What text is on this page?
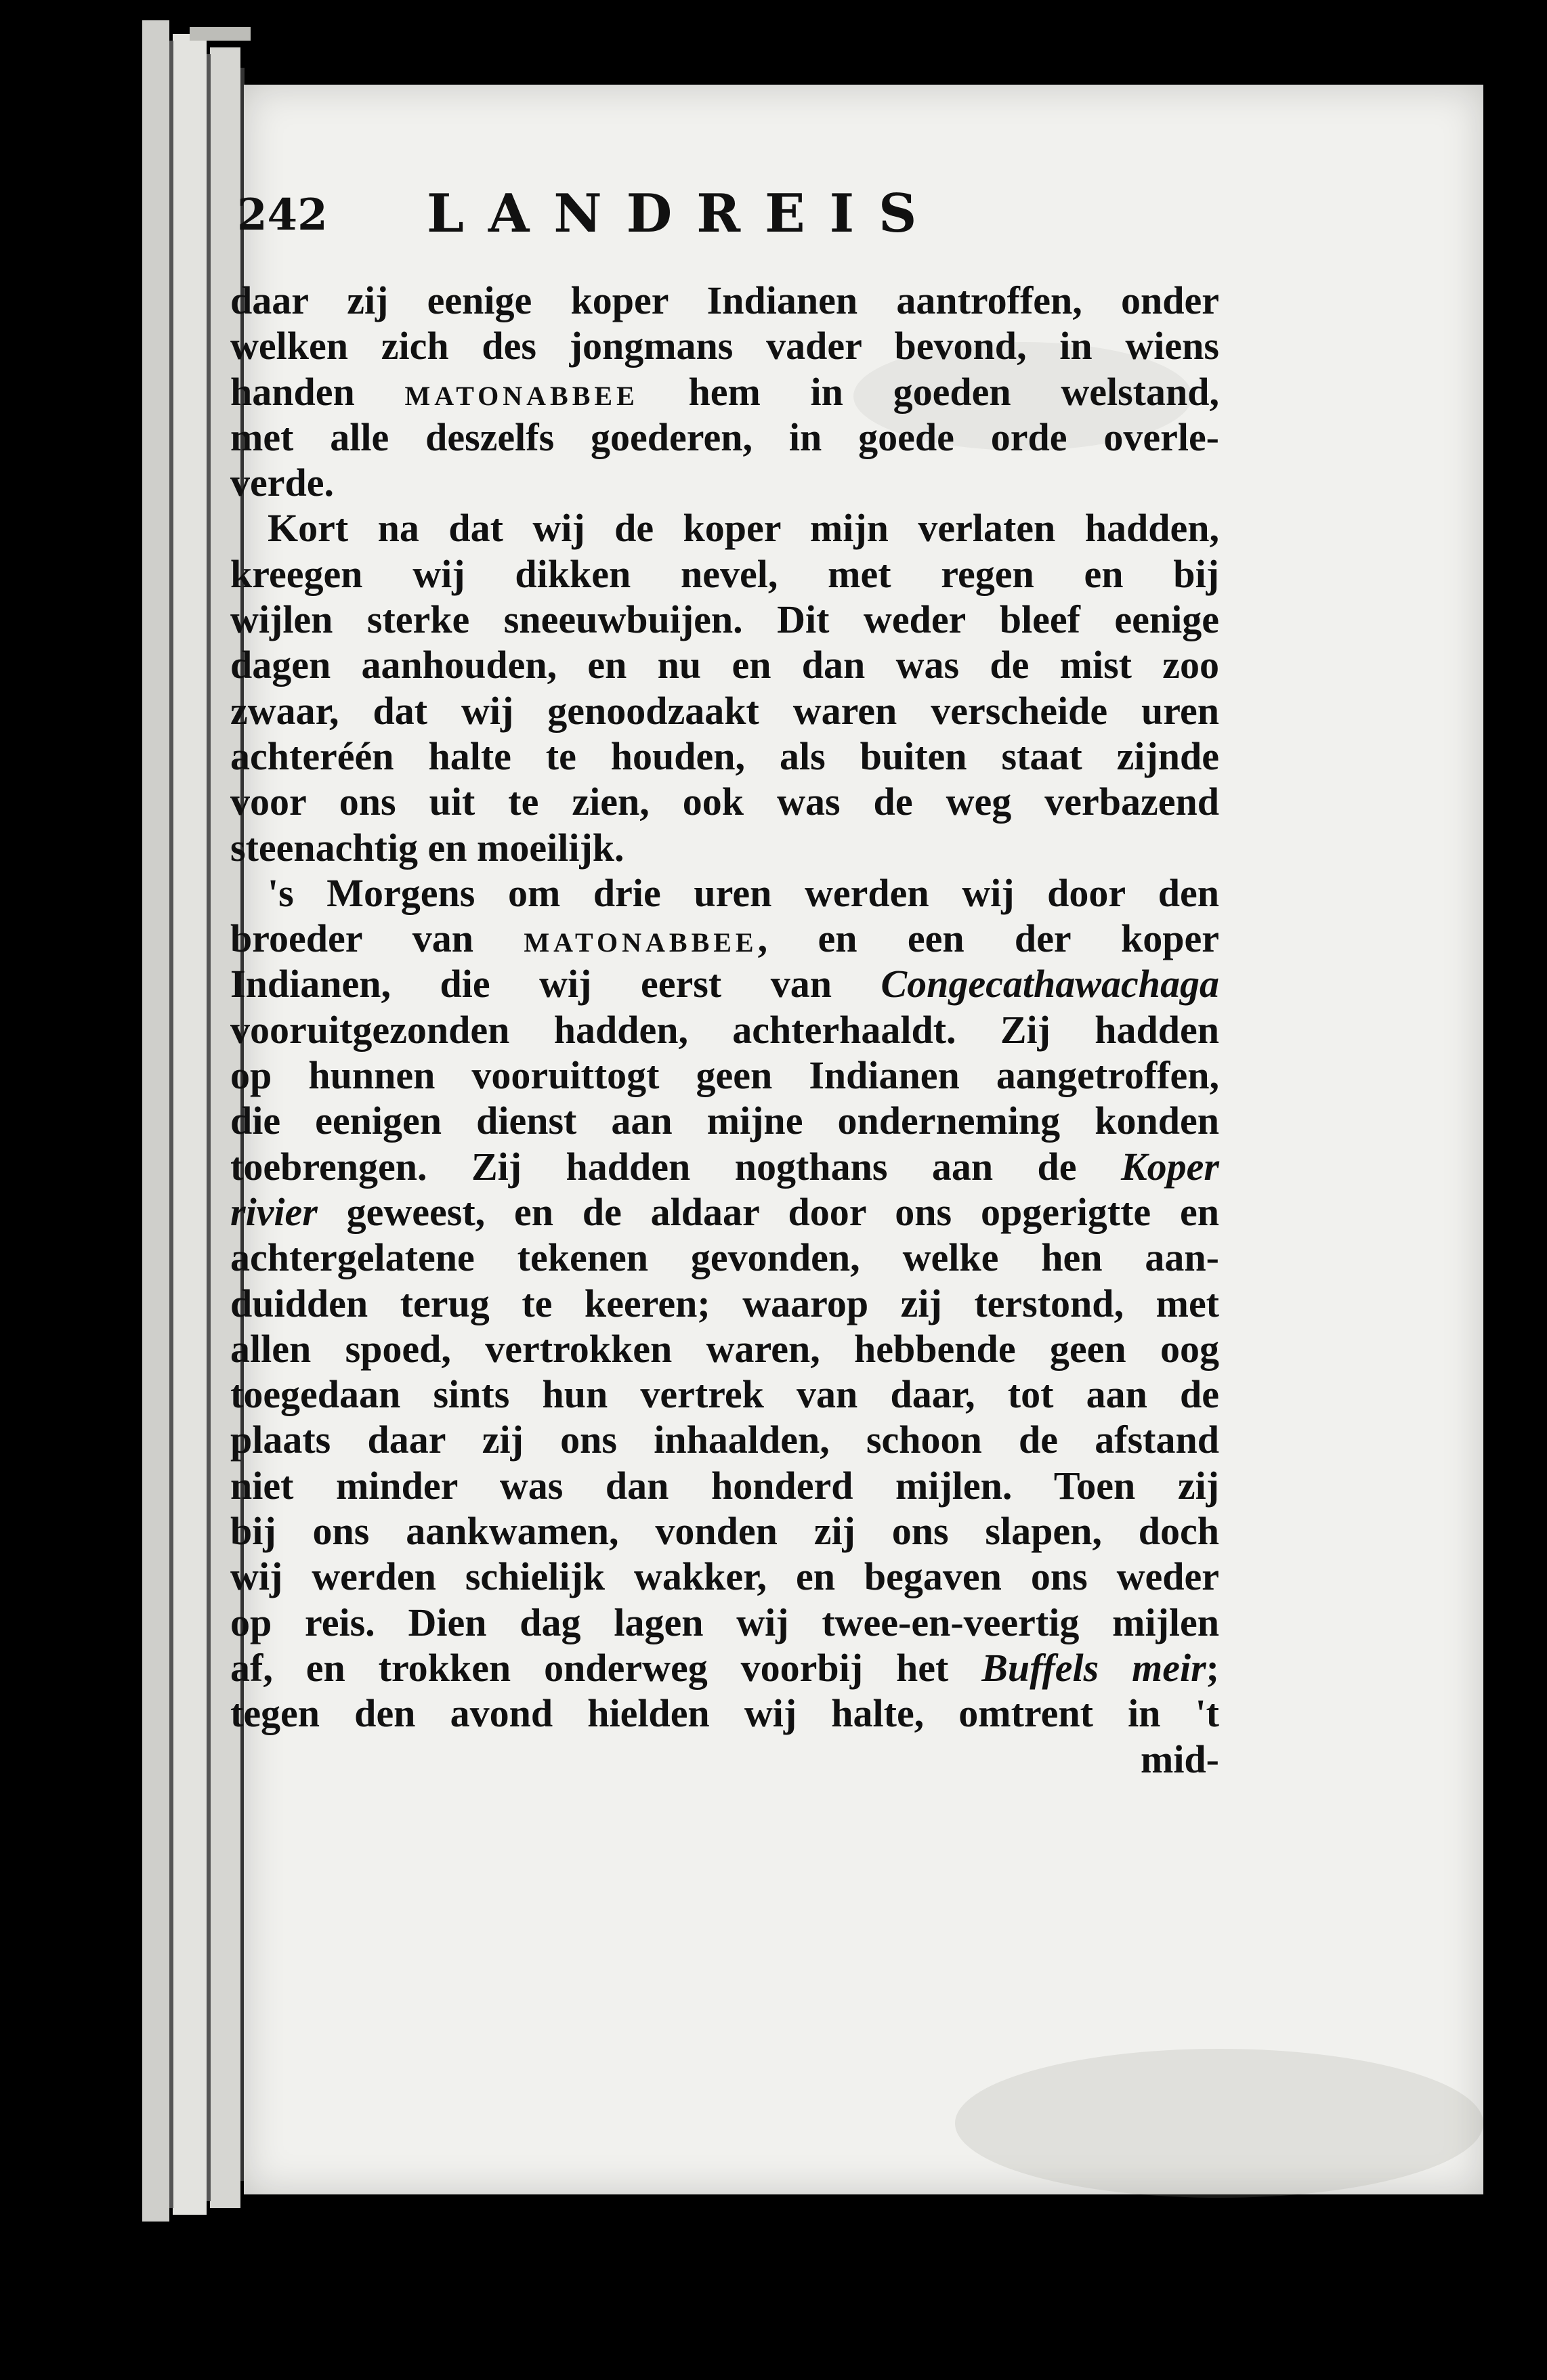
242 LANDREIS
daar zij eenige koper Indianen aantroffen, onder
welken zich des jongmans vader bevond, in wiens
handen MATONABBEE hem in goeden welstand,
met alle deszelfs goederen, in goede orde overle-
verde.
Kort na dat wij de koper mijn verlaten hadden,
kreegen wij dikken nevel, met regen en bij
wijlen sterke sneeuwbuijen. Dit weder bleef eenige
dagen aanhouden, en nu en dan was de mist zoo
zwaar, dat wij genoodzaakt waren verscheide uren
achteréén halte te houden, als buiten staat zijnde
voor ons uit te zien, ook was de weg verbazend
steenachtig en moeilijk.
's Morgens om drie uren werden wij door den
broeder van MATONABBEE, en een der koper
Indianen, die wij eerst van Congecathawachaga
vooruitgezonden hadden, achterhaaldt. Zij hadden
op hunnen vooruittogt geen Indianen aangetroffen,
die eenigen dienst aan mijne onderneming konden
toebrengen. Zij hadden nogthans aan de Koper
rivier geweest, en de aldaar door ons opgerigtte en
achtergelatene tekenen gevonden, welke hen aan-
duidden terug te keeren; waarop zij terstond, met
allen spoed, vertrokken waren, hebbende geen oog
toegedaan sints hun vertrek van daar, tot aan de
plaats daar zij ons inhaalden, schoon de afstand
niet minder was dan honderd mijlen. Toen zij
bij ons aankwamen, vonden zij ons slapen, doch
wij werden schielijk wakker, en begaven ons weder
op reis. Dien dag lagen wij twee-en-veertig mijlen
af, en trokken onderweg voorbij het Buffels meir;
tegen den avond hielden wij halte, omtrent in 't
mid-
